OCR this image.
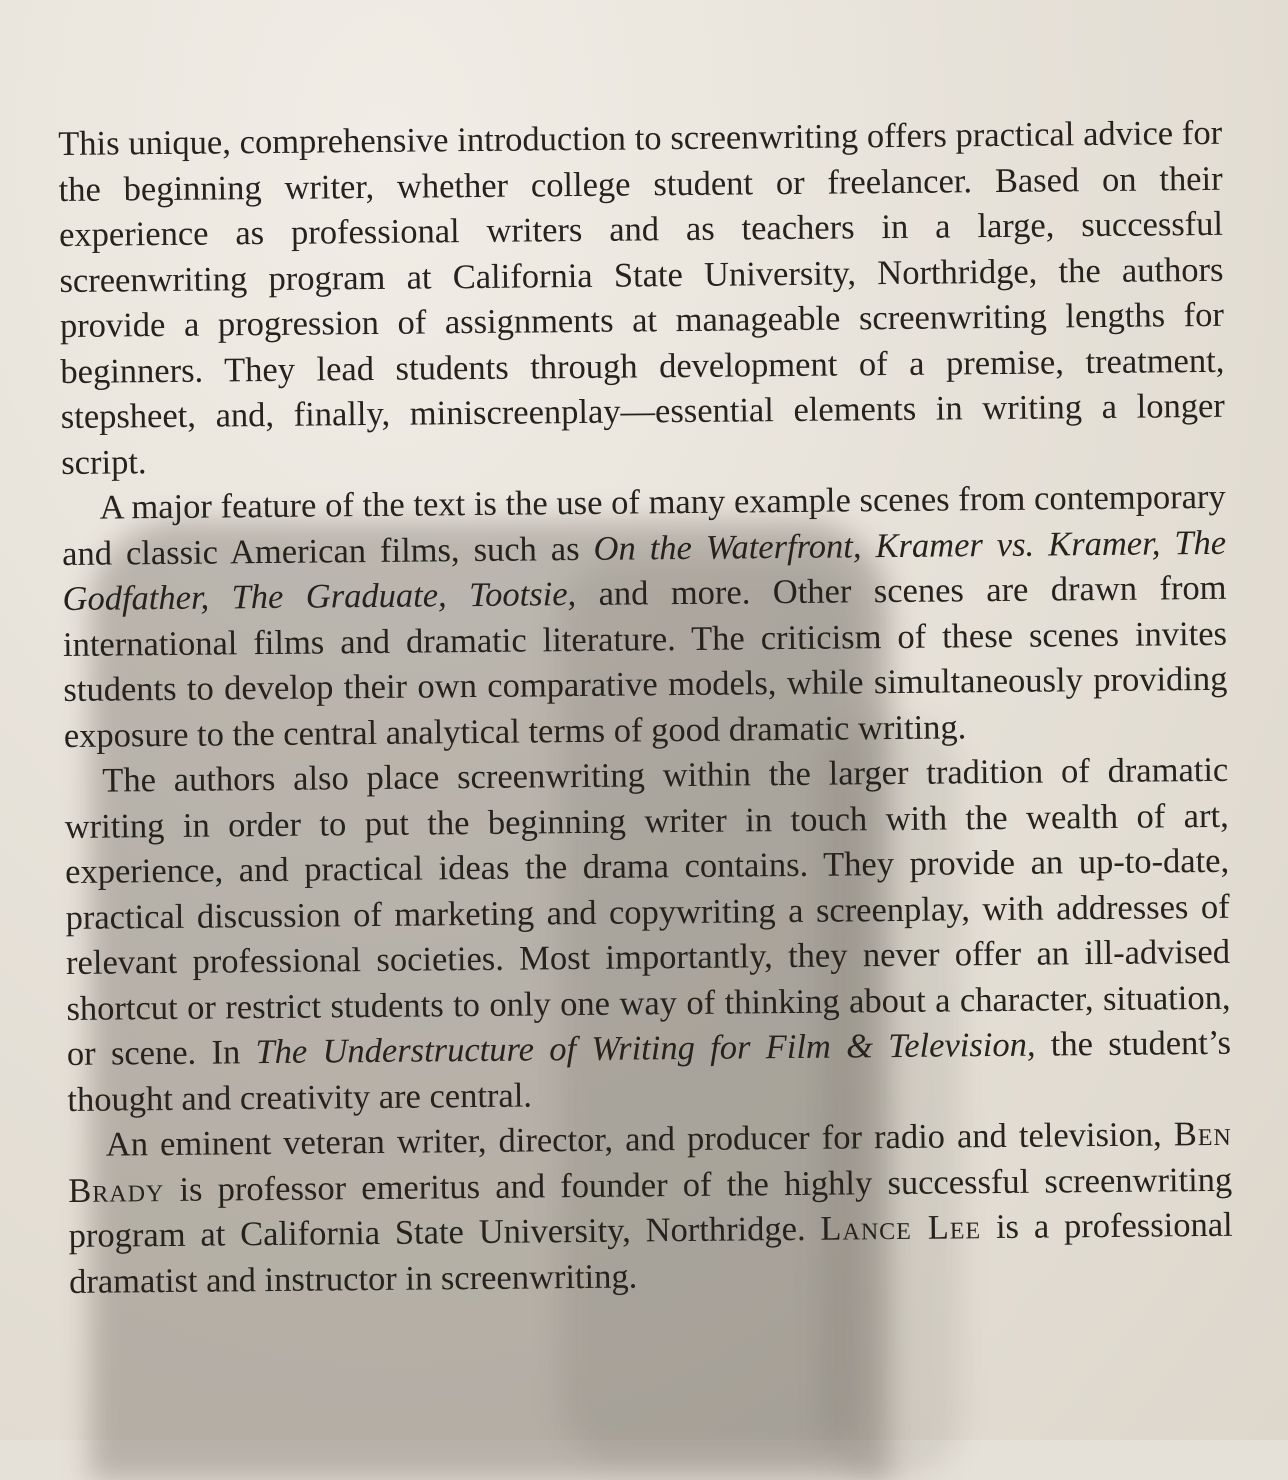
This unique, comprehensive introduction to screenwriting offers practical advice for the beginning writer, whether college student or freelancer. Based on their experience as professional writers and as teachers in a large, successful screenwriting program at California State University, Northridge, the authors provide a progression of assignments at manageable screenwriting lengths for beginners. They lead students through development of a premise, treatment, stepsheet, and, finally, miniscreenplay—essential elements in writing a longer script.

A major feature of the text is the use of many example scenes from contemporary and classic American films, such as On the Waterfront, Kramer vs. Kramer, The Godfather, The Graduate, Tootsie, and more. Other scenes are drawn from international films and dramatic literature. The criticism of these scenes invites students to develop their own comparative models, while simultaneously providing exposure to the central analytical terms of good dramatic writing.

The authors also place screenwriting within the larger tradition of dramatic writing in order to put the beginning writer in touch with the wealth of art, experience, and practical ideas the drama contains. They provide an up-to-date, practical discussion of marketing and copywriting a screenplay, with addresses of relevant professional societies. Most importantly, they never offer an ill-advised shortcut or restrict students to only one way of thinking about a character, situation, or scene. In The Understructure of Writing for Film & Television, the student’s thought and creativity are central.

An eminent veteran writer, director, and producer for radio and television, Ben Brady is professor emeritus and founder of the highly successful screenwriting program at California State University, Northridge. Lance Lee is a professional dramatist and instructor in screenwriting.
